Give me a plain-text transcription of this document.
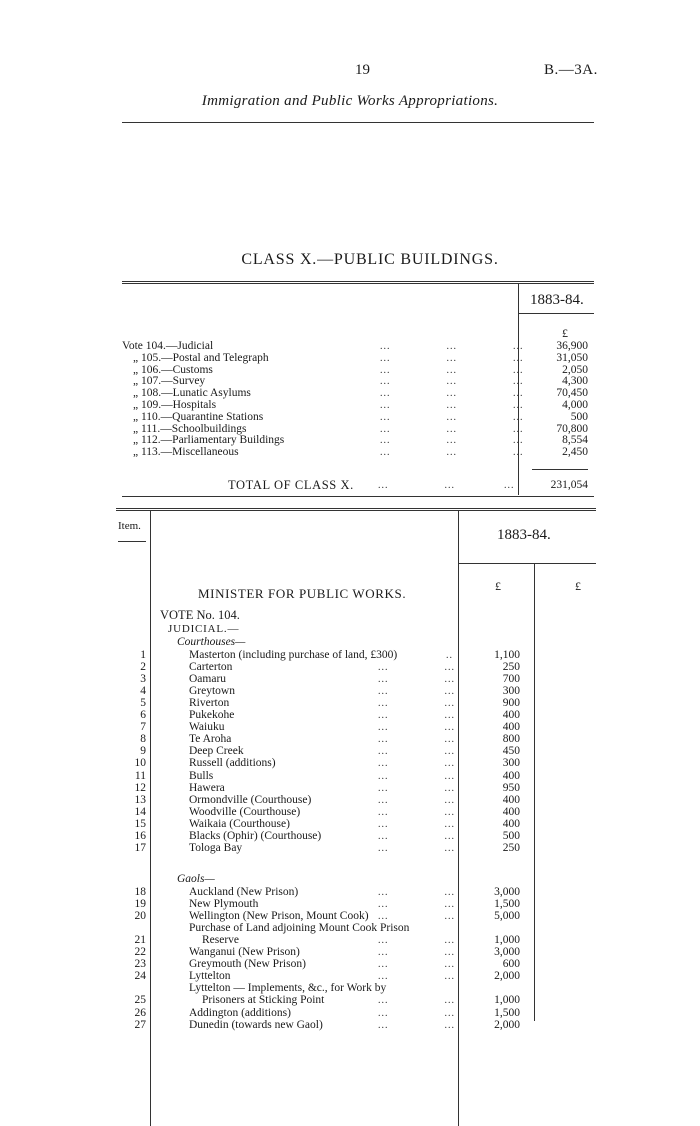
19	B.—3A.
Immigration and Public Works Appropriations.
CLASS X.—PUBLIC BUILDINGS.
1883-84.
£
Vote 104.—Judicial	...                ...                ...	36,900
„ 105.—Postal and Telegraph	...                ...                ...	31,050
„ 106.—Customs	...                ...                ...	2,050
„ 107.—Survey	...                ...                ...	4,300
„ 108.—Lunatic Asylums	...                ...                ...	70,450
„ 109.—Hospitals	...                ...                ...	4,000
„ 110.—Quarantine Stations	...                ...                ...	500
„ 111.—Schoolbuildings	...                ...                ...	70,800
„ 112.—Parliamentary Buildings	...                ...                ...	8,554
„ 113.—Miscellaneous	...                ...                ...	2,450
TOTAL OF CLASS X. ...                ...              ...	231,054
Item.
1883-84.
£	£
MINISTER FOR PUBLIC WORKS.
VOTE No. 104.
JUDICIAL.—
Courthouses—
Gaols—
1	Masterton (including purchase of land, £300)	..	1,100
2	Carterton	...                ...	250
3	Oamaru	...                ...	700
4	Greytown	...                ...	300
5	Riverton	...                ...	900
6	Pukekohe	...                ...	400
7	Waiuku	...                ...	400
8	Te Aroha	...                ...	800
9	Deep Creek	...                ...	450
10	Russell (additions)	...                ...	300
11	Bulls	...                ...	400
12	Hawera	...                ...	950
13	Ormondville (Courthouse)	...                ...	400
14	Woodville (Courthouse)	...                ...	400
15	Waikaia (Courthouse)	...                ...	400
16	Blacks (Ophir) (Courthouse)	...                ...	500
17	Tologa Bay	...                ...	250
18	Auckland (New Prison)	...                ...	3,000
19	New Plymouth	...                ...	1,500
20	Wellington (New Prison, Mount Cook) ...                ...	5,000
21
Purchase of Land adjoining Mount Cook Prison
Reserve	...                ...	1,000
22	Wanganui (New Prison)	...                ...	3,000
23	Greymouth (New Prison)	...                ...	600
24	Lyttelton	...                ...	2,000
25
Lyttelton — Implements, &c., for Work by
Prisoners at Sticking Point	...                ...	1,000
26	Addington (additions)	...                ...	1,500
27	Dunedin (towards new Gaol)	...                ...	2,000
